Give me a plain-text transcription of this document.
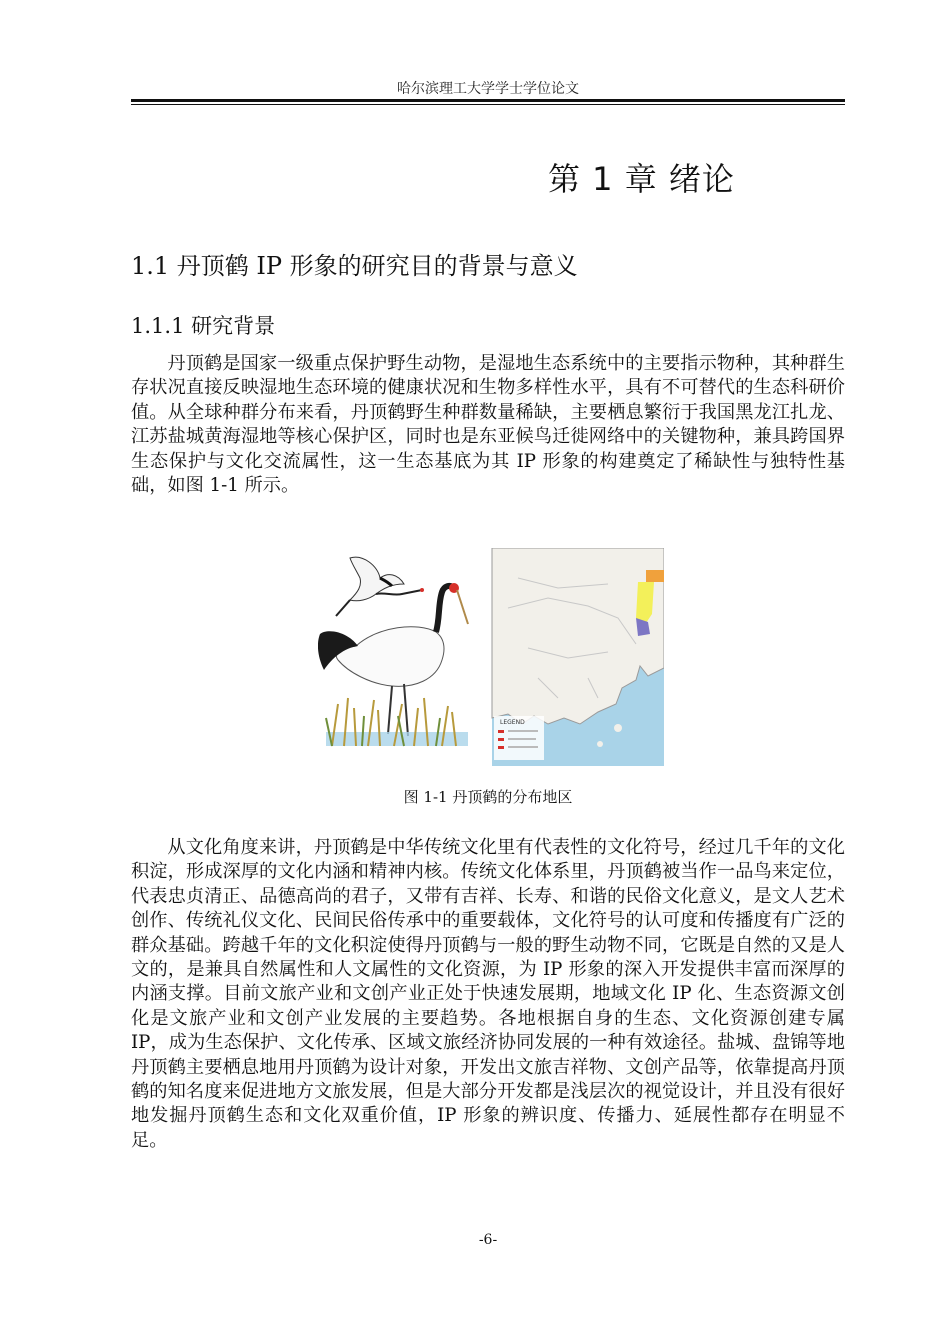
哈尔滨理工大学学士学位论文
第 1 章 绪论
1.1 丹顶鹤 IP 形象的研究目的背景与意义
1.1.1 研究背景
丹顶鹤是国家一级重点保护野生动物，是湿地生态系统中的主要指示物种，其种群生存状况直接反映湿地生态环境的健康状况和生物多样性水平，具有不可替代的生态科研价值。从全球种群分布来看，丹顶鹤野生种群数量稀缺，主要栖息繁衍于我国黑龙江扎龙、江苏盐城黄海湿地等核心保护区，同时也是东亚候鸟迁徙网络中的关键物种，兼具跨国界生态保护与文化交流属性，这一生态基底为其 IP 形象的构建奠定了稀缺性与独特性基础，如图 1-1 所示。
LEGEND
图 1-1 丹顶鹤的分布地区
从文化角度来讲，丹顶鹤是中华传统文化里有代表性的文化符号，经过几千年的文化积淀，形成深厚的文化内涵和精神内核。传统文化体系里，丹顶鹤被当作一品鸟来定位，代表忠贞清正、品德高尚的君子，又带有吉祥、长寿、和谐的民俗文化意义，是文人艺术创作、传统礼仪文化、民间民俗传承中的重要载体，文化符号的认可度和传播度有广泛的群众基础。跨越千年的文化积淀使得丹顶鹤与一般的野生动物不同，它既是自然的又是人文的，是兼具自然属性和人文属性的文化资源，为 IP 形象的深入开发提供丰富而深厚的内涵支撑。目前文旅产业和文创产业正处于快速发展期，地域文化 IP 化、生态资源文创化是文旅产业和文创产业发展的主要趋势。各地根据自身的生态、文化资源创建专属 IP，成为生态保护、文化传承、区域文旅经济协同发展的一种有效途径。盐城、盘锦等地丹顶鹤主要栖息地用丹顶鹤为设计对象，开发出文旅吉祥物、文创产品等，依靠提高丹顶鹤的知名度来促进地方文旅发展，但是大部分开发都是浅层次的视觉设计，并且没有很好地发掘丹顶鹤生态和文化双重价值，IP 形象的辨识度、传播力、延展性都存在明显不足。
-6-
